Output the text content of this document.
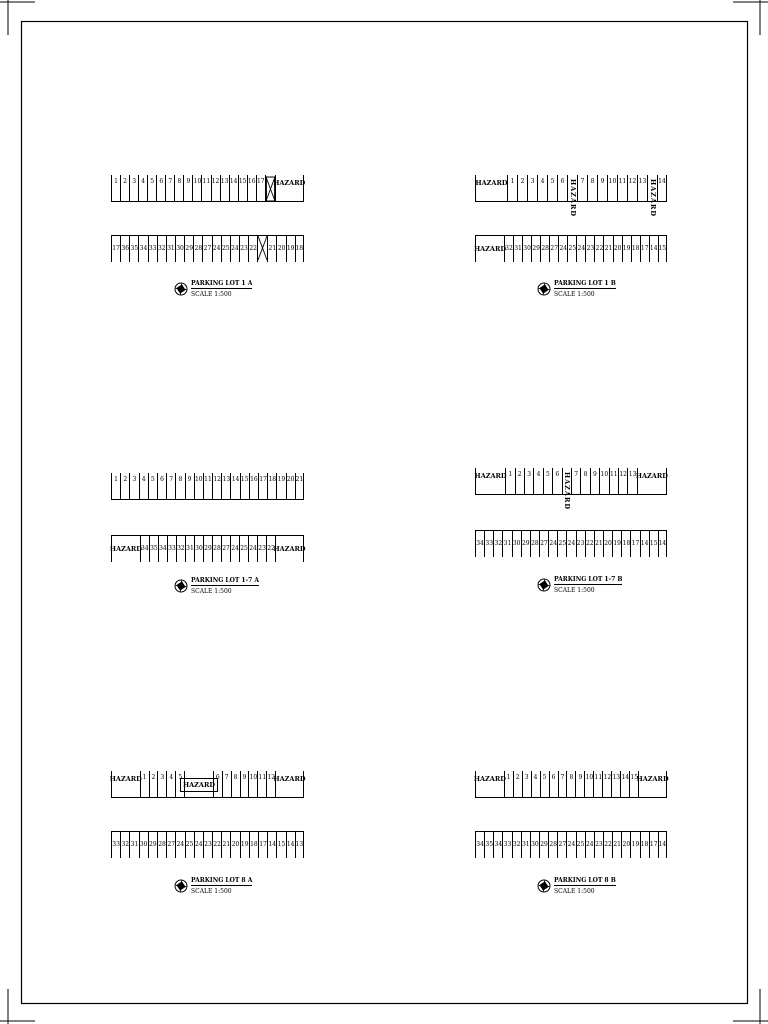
1 2 3 4 5 6 7 8 9 10 11 12 13 14 15 16 17 HAZARD
17 36 35 34 33 32 31 30 29 28 27 24 25 24 23 22 21 20 19 18
PARKING LOT 1 A
SCALE 1:500
HAZARD 1	2	3	4	5	6 HAZARD 7	8	9 10 11 12 13 HAZARD 14
HAZARD 32 31 30 29 28 27 24 25 24 23 22 21 20 19 18 17 14 15
PARKING LOT 1 B
SCALE 1:500
1 2 3 4 5 6 7 8 9 10 11 12 13 14 15 16 17 18 19 20 21
HAZARD 34 35 34 33 32 31 30 29 28 27 24 25 24 23 22
HAZARD
PARKING LOT 1-7 A
SCALE 1:500
HAZARD 1 2 3 4 5 6 HAZARD 7 8 9 10 11 12 13 HAZARD
34 33 32 31 30 29 28 27 24 25 24 23 22 21 20 19 18 17 14 15 14
PARKING LOT 1-7 B
SCALE 1:500
HAZARD 1 2 3 4 5
HAZARD
6 7 8 9 10 11 12
HAZARD
33 32 31 30 29 28 27 24 25 24 23 22 21 20 19 18 17 14 15 14 13
PARKING LOT 8 A
SCALE 1:500
HAZARD 1 2 3 4 5 6 7 8 9 10 11 12 13 14 15
HAZARD
34 35 34 33 32 31 30 29 28 27 24 25 24 23 22 21 20 19 18 17 14
PARKING LOT 8 B
SCALE 1:500
